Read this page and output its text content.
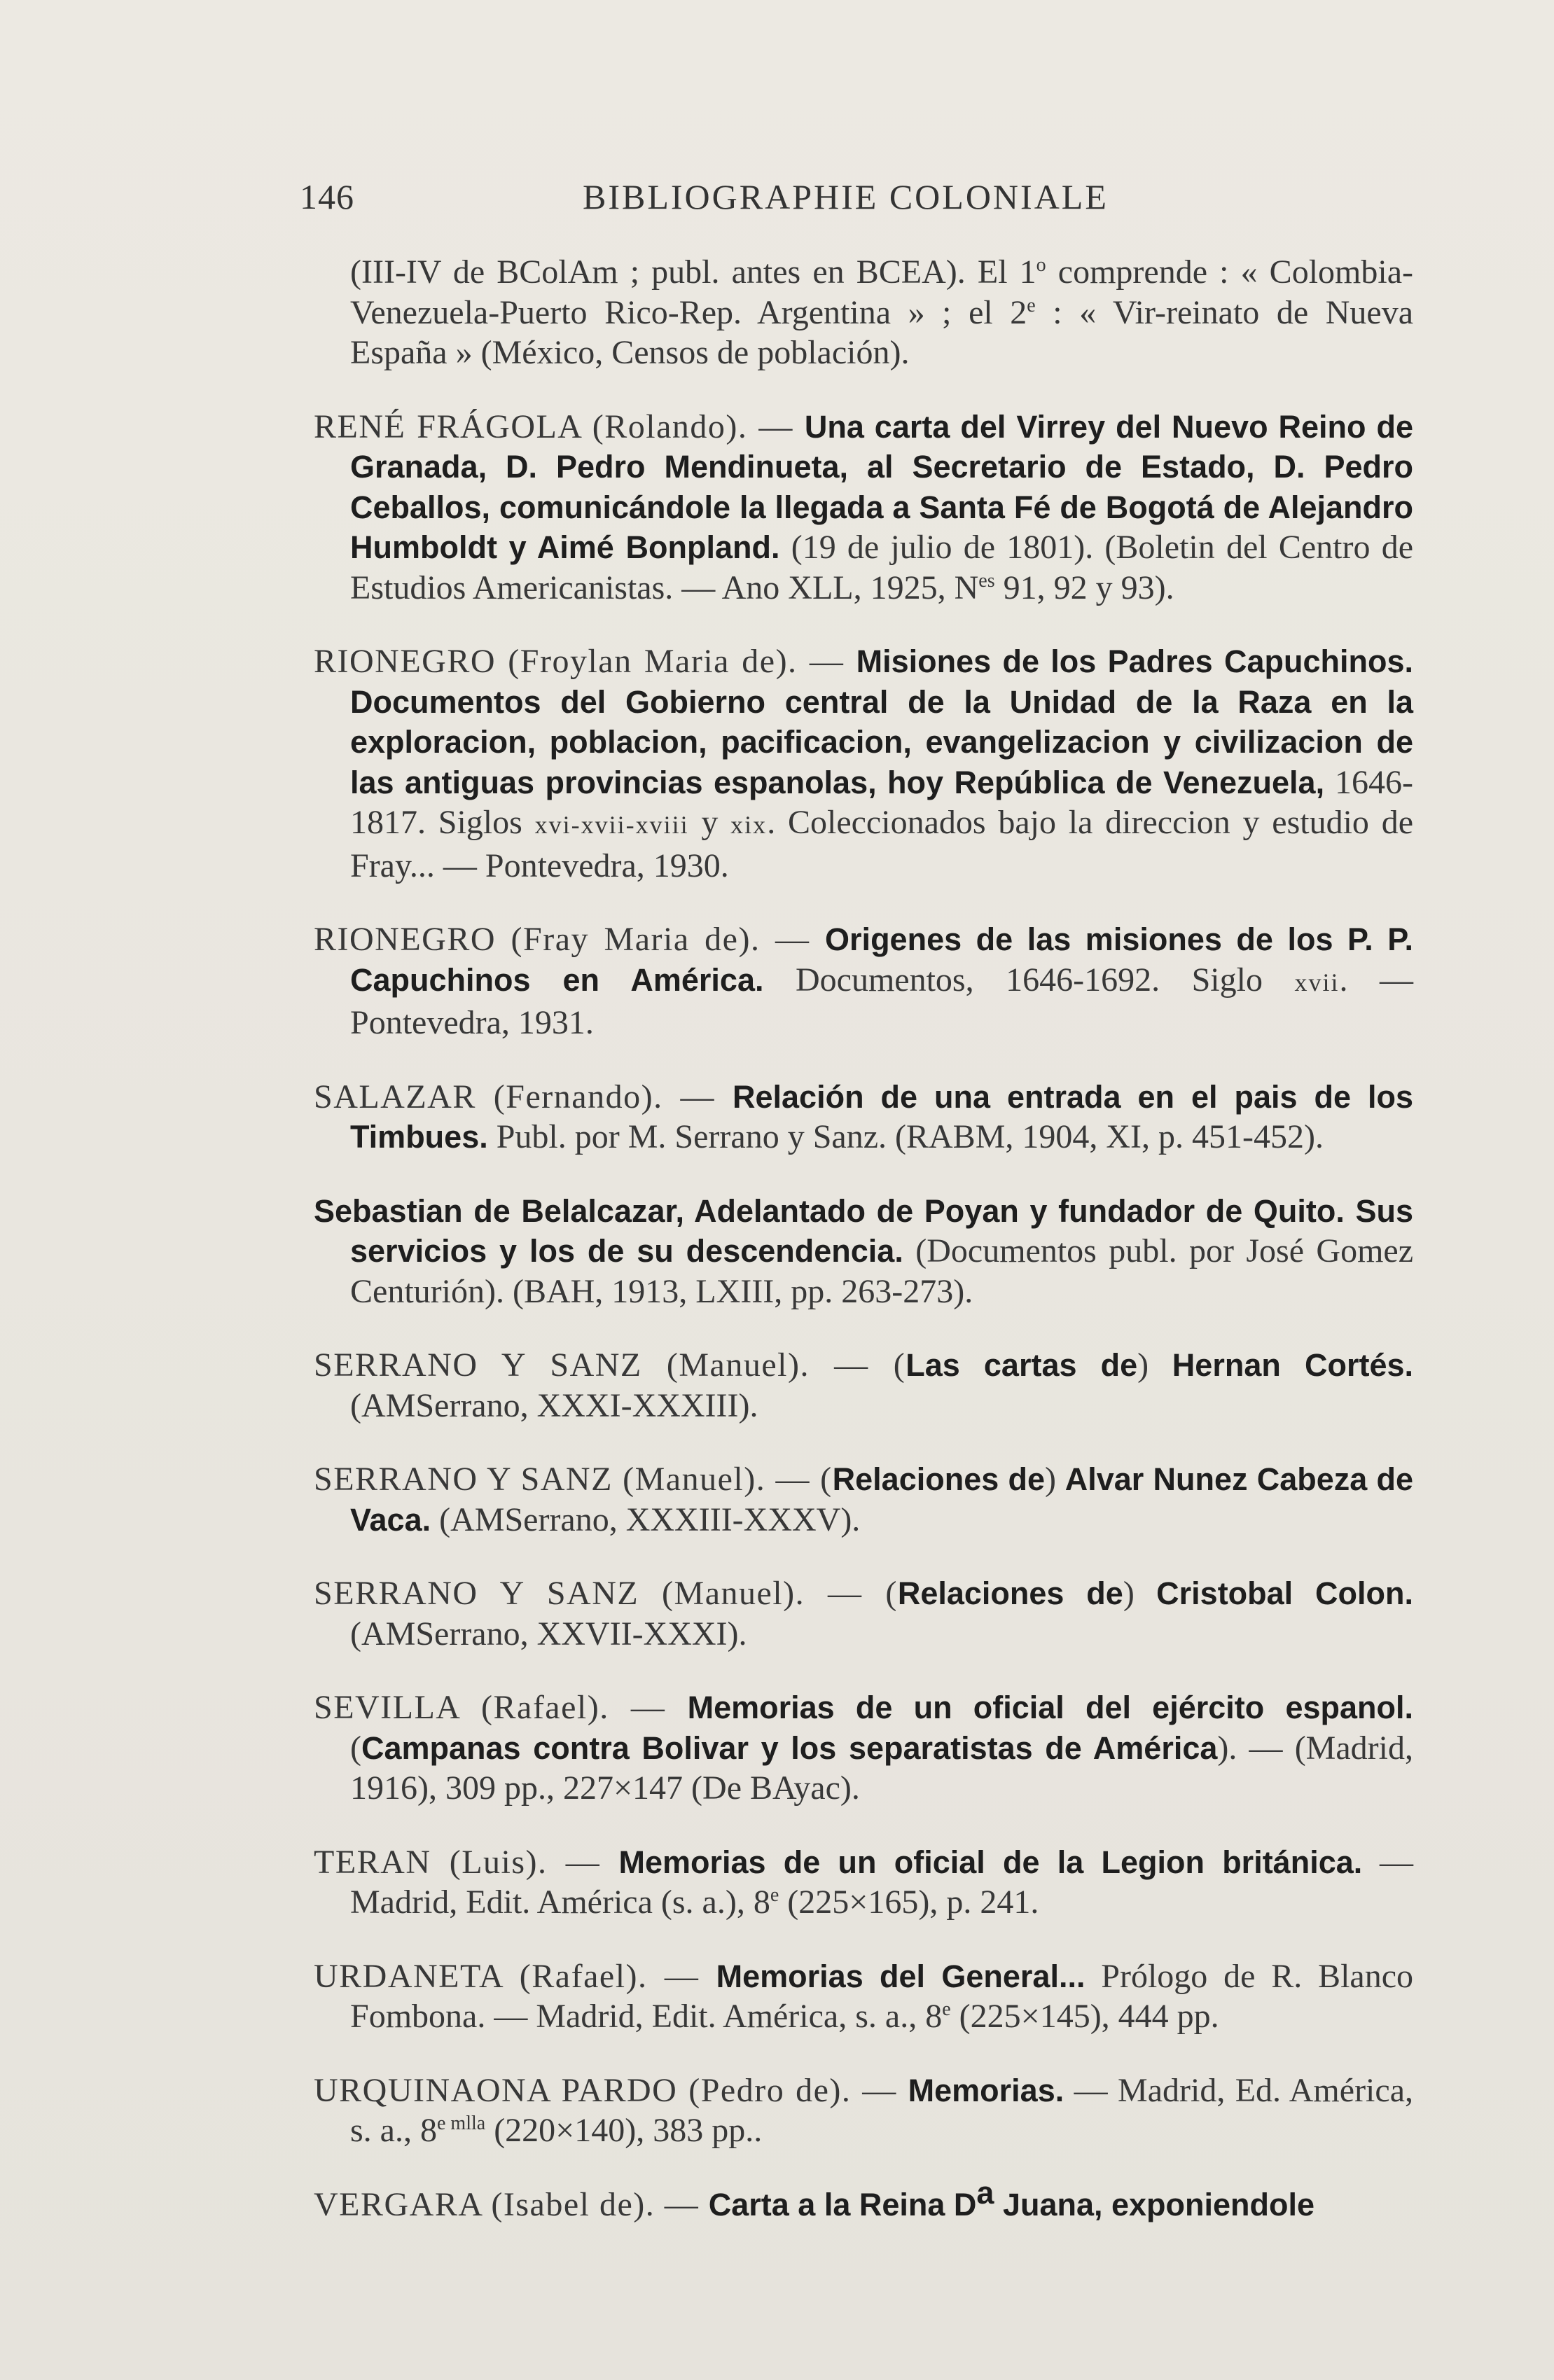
146	BIBLIOGRAPHIE COLONIALE

(III-IV de BColAm ; publ. antes en BCEA). El 1$^o$ comprende : « Colombia-Venezuela-Puerto Rico-Rep. Argentina » ; el 2e : « Vir-reinato de Nueva España » (México, Censos de población).

RENÉ FRÁGOLA (Rolando). — Una carta del Virrey del Nuevo Reino de Granada, D. Pedro Mendinueta, al Secretario de Estado, D. Pedro Ceballos, comunicándole la llegada a Santa Fé de Bogotá de Alejandro Humboldt y Aimé Bonpland. (19 de julio de 1801). (Boletin del Centro de Estudios Americanistas. — Ano XLL, 1925, $N^{es}$ 91, 92 y 93).

RIONEGRO (Froylan Maria de). — Misiones de los Padres Capuchinos. Documentos del Gobierno central de la Unidad de la Raza en la exploracion, poblacion, pacificacion, evangelizacion y civilizacion de las antiguas provincias espanolas, hoy República de Venezuela, 1646-1817. Siglos xvi-xvii-xviii y xix. Coleccionados bajo la direccion y estudio de Fray... — Pontevedra, 1930.

RIONEGRO (Fray Maria de). — Origenes de las misiones de los P. P. Capuchinos en América. Documentos, 1646-1692. Siglo xvii. — Pontevedra, 1931.

SALAZAR (Fernando). — Relación de una entrada en el pais de los Timbues. Publ. por M. Serrano y Sanz. (RABM, 1904, XI, p. 451-452).

Sebastian de Belalcazar, Adelantado de Poyan y fundador de Quito. Sus servicios y los de su descendencia. (Documentos publ. por José Gomez Centurión). (BAH, 1913, LXIII, pp. 263-273).

SERRANO Y SANZ (Manuel). — (Las cartas de) Hernan Cortés. (AMSerrano, XXXI-XXXIII).

SERRANO Y SANZ (Manuel). — (Relaciones de) Alvar Nunez Cabeza de Vaca. (AMSerrano, XXXIII-XXXV).

SERRANO Y SANZ (Manuel). — (Relaciones de) Cristobal Colon. (AMSerrano, XXVII-XXXI).

SEVILLA (Rafael). — Memorias de un oficial del ejército espanol. (Campanas contra Bolivar y los separatistas de América). — (Madrid, 1916), 309 pp., 227×147 (De BAyac).

TERAN (Luis). — Memorias de un oficial de la Legion británica. — Madrid, Edit. América (s. a.), 8e (225×165), p. 241.

URDANETA (Rafael). — Memorias del General... Prólogo de R. Blanco Fombona. — Madrid, Edit. América, s. a., 8e (225×145), 444 pp.

URQUINAONA PARDO (Pedro de). — Memorias. — Madrid, Ed. América, s. a., $8^{e mlla}$ (220×140), 383 pp..

VERGARA (Isabel de). — Carta a la Reina $D^a$ Juana, exponiendole
